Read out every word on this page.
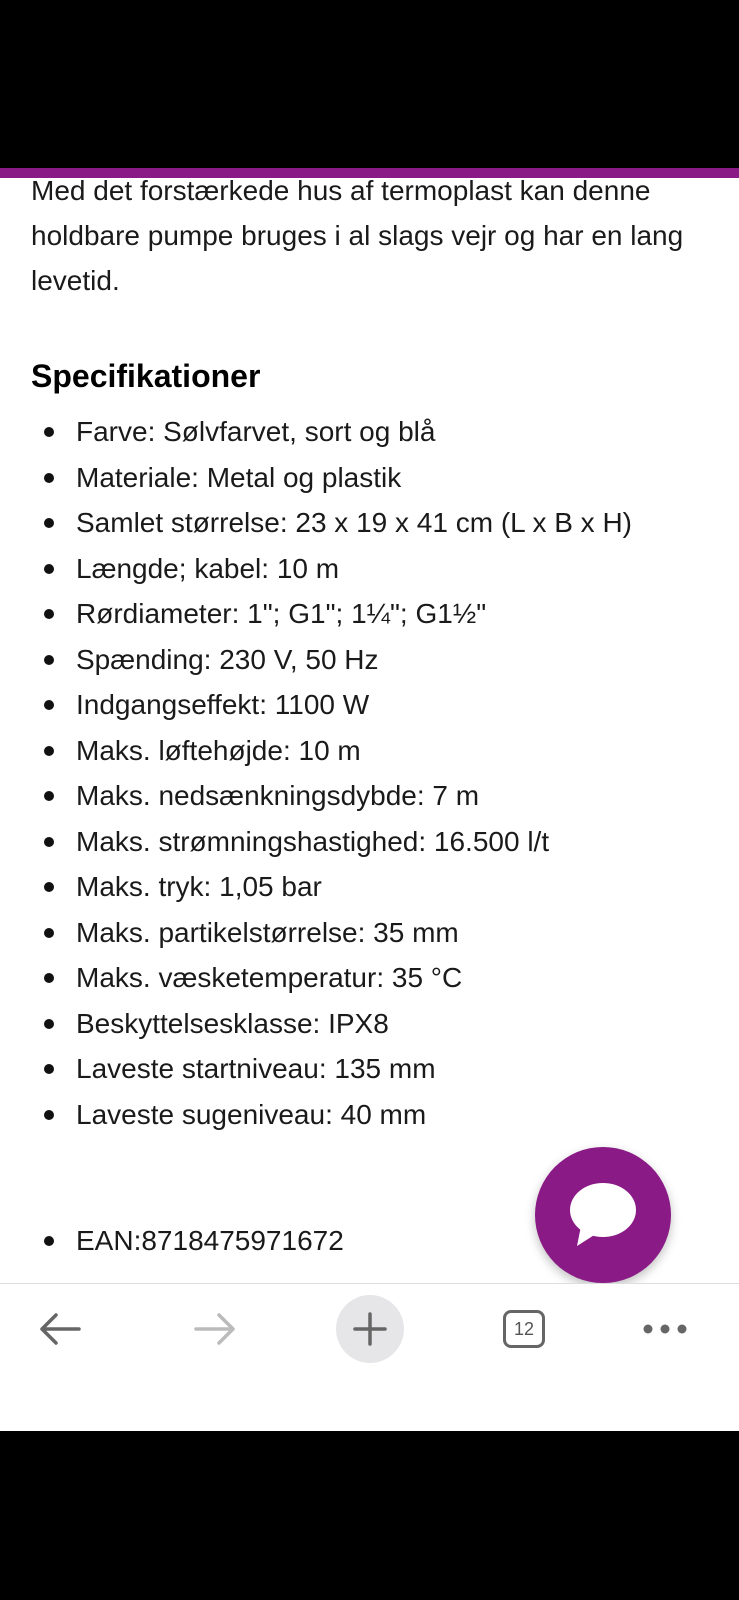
Med det forstærkede hus af termoplast kan denne holdbare pumpe bruges i al slags vejr og har en lang levetid.

Specifikationer
Farve: Sølvfarvet, sort og blå
Materiale: Metal og plastik
Samlet størrelse: 23 x 19 x 41 cm (L x B x H)
Længde; kabel: 10 m
Rørdiameter: 1"; G1"; 1¼"; G1½"
Spænding: 230 V, 50 Hz
Indgangseffekt: 1100 W
Maks. løftehøjde: 10 m
Maks. nedsænkningsdybde: 7 m
Maks. strømningshastighed: 16.500 l/t
Maks. tryk: 1,05 bar
Maks. partikelstørrelse: 35 mm
Maks. væsketemperatur: 35 °C
Beskyttelsesklasse: IPX8
Laveste startniveau: 135 mm
Laveste sugeniveau: 40 mm
EAN:8718475971672
12
